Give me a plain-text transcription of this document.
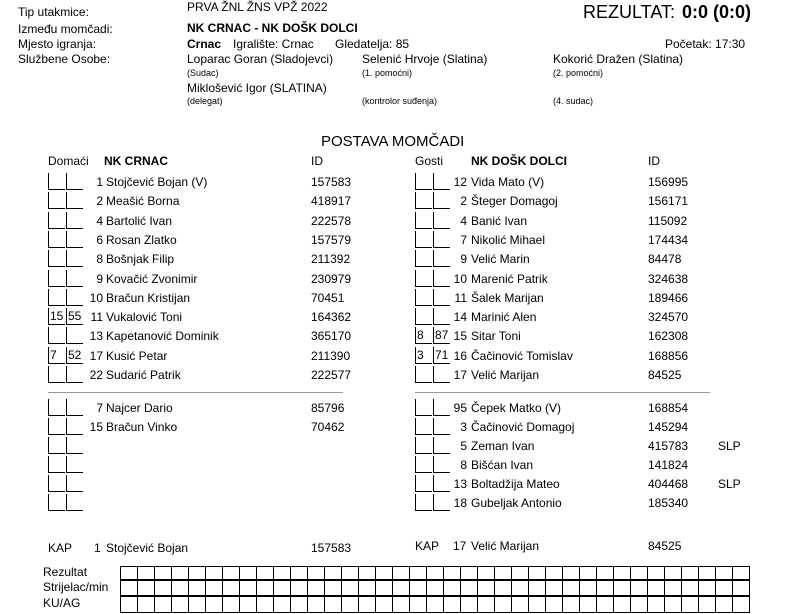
Tip utakmice:	PRVA ŽNL ŽNS VPŽ 2022	REZULTAT: 0:0 (0:0)
Između momčadi:	NK CRNAC - NK DOŠK DOLCI
Mjesto igranja:	Crnac Igralište: Crnac Gledatelja: 85	Početak: 17:30
Službene Osobe:	Loparac Goran (Sladojevci)
(Sudac)
Selenić Hrvoje (Slatina)
(1. pomoćni)
Kokorić Dražen (Slatina)
(2. pomoćni)
Miklošević Igor (SLATINA)
(delegat)	(kontrolor suđenja)	(4. sudac)
POSTAVA MOMČADI
Domaći NK CRNAC	ID	Gosti NK DOŠK DOLCI	ID
1 Stojčević Bojan (V)	157583
2 Meašić Borna	418917
4 Bartolić Ivan	222578
6 Rosan Zlatko	157579
8 Bošnjak Filip	211392
9 Kovačić Zvonimir	230979
10 Bračun Kristijan	70451
15 55 11 Vukalović Toni	164362
13 Kapetanović Dominik	365170
7 52 17 Kusić Petar	211390
22 Sudarić Patrik	222577
12 Vida Mato (V)	156995
2 Šteger Domagoj	156171
4 Banić Ivan	115092
7 Nikolić Mihael	174434
9 Velić Marin	84478
10 Marenić Patrik	324638
11 Šalek Marijan	189466
14 Marinić Alen	324570
8 87 15 Sitar Toni	162308
3 71 16 Čačinović Tomislav	168856
17 Velić Marijan	84525
7 Najcer Dario	85796
15 Bračun Vinko	70462
95 Čepek Matko (V)	168854
3 Čačinović Domagoj	145294
5 Zeman Ivan	415783 SLP
8 Bišćan Ivan	141824
13 Boltadžija Mateo	404468 SLP
18 Gubeljak Antonio	185340
KAP 1 Stojčević Bojan	157583	KAP 17 Velić Marijan	84525
Rezultat
Strijelac/min
KU/AG
